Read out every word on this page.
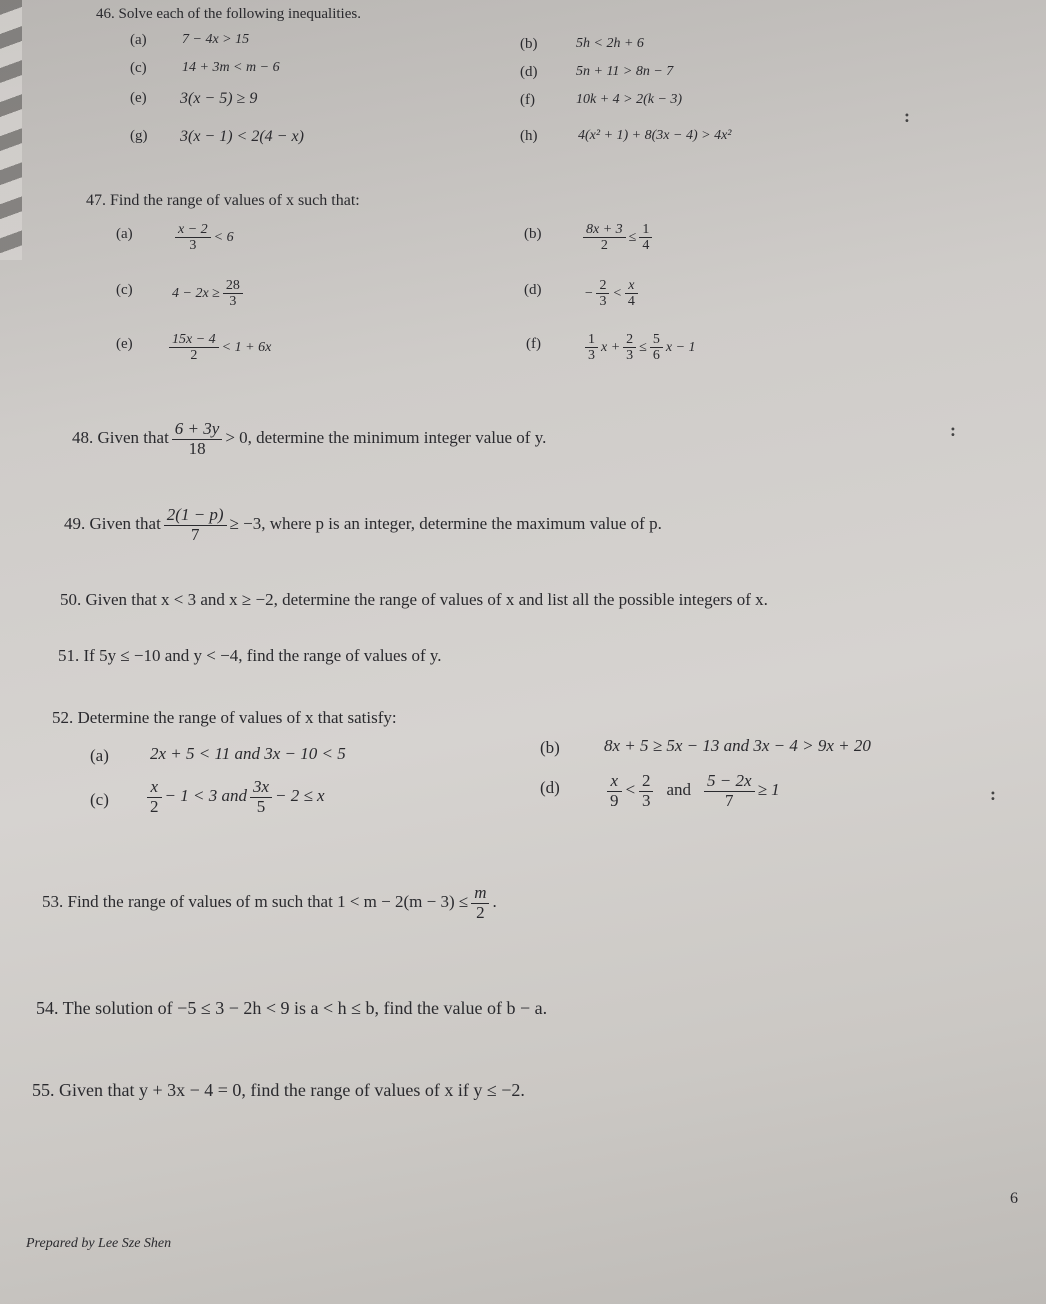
46. Solve each of the following inequalities.
(a)	7 − 4x > 15	(b)	5h < 2h + 6
(c)	14 + 3m < m − 6	(d)	5n + 11 > 8n − 7
(e) 3(x − 5) ≥ 9	(f)	10k + 4 > 2(k − 3)
(g) 3(x − 1) < 2(4 − x)	(h)	4(x² + 1) + 8(3x − 4) > 4x²
47. Find the range of values of x such that:
(a)	$\frac{x - 2}{3} < 6$	(b)	$\frac{8x + 3}{2} \le \frac{1}{4}$
(c)	$4 - 2x \ge \frac{28}{3}$	(d)	− $\frac{2}{3} < \frac{x}{4}$
(e)	$\frac{15x - 4}{2} < 1 + 6x$	(f)	$\frac{1}{3}$ $x + \frac{2}{3} \le \frac{5}{6}$ x − 1
48. Given that $\frac{6 + 3y}{18} > 0$, determine the minimum integer value of y.
49. Given that $\frac{2(1 - p)}{7} \ge -3$, where p is an integer, determine the maximum value of p.
50. Given that x < 3 and x ≥ −2, determine the range of values of x and list all the possible integers of x.
51. If 5y ≤ −10 and y < −4, find the range of values of y.
52. Determine the range of values of x that satisfy:
(a) 2x + 5 < 11 and 3x − 10 < 5	(b)	8x + 5 ≥ 5x − 13 and 3x − 4 > 9x + 20
$(c) \frac{x}{2} - 1 < 3$ and $\frac{3x}{5} - 2 \le x$	(d)	$\frac{x}{9} < \frac{2}{3}$ and $\frac{5 - 2x}{7} \ge 1$
53. Find the range of values of m such that $1 < m - 2(m - 3) \le \frac{m}{2}$ .
54. The solution of −5 ≤ 3 − 2h < 9 is a < h ≤ b, find the value of b − a.
55. Given that y + 3x − 4 = 0, find the range of values of x if y ≤ −2.
Prepared by Lee Sze Shen
6
:
:
:
